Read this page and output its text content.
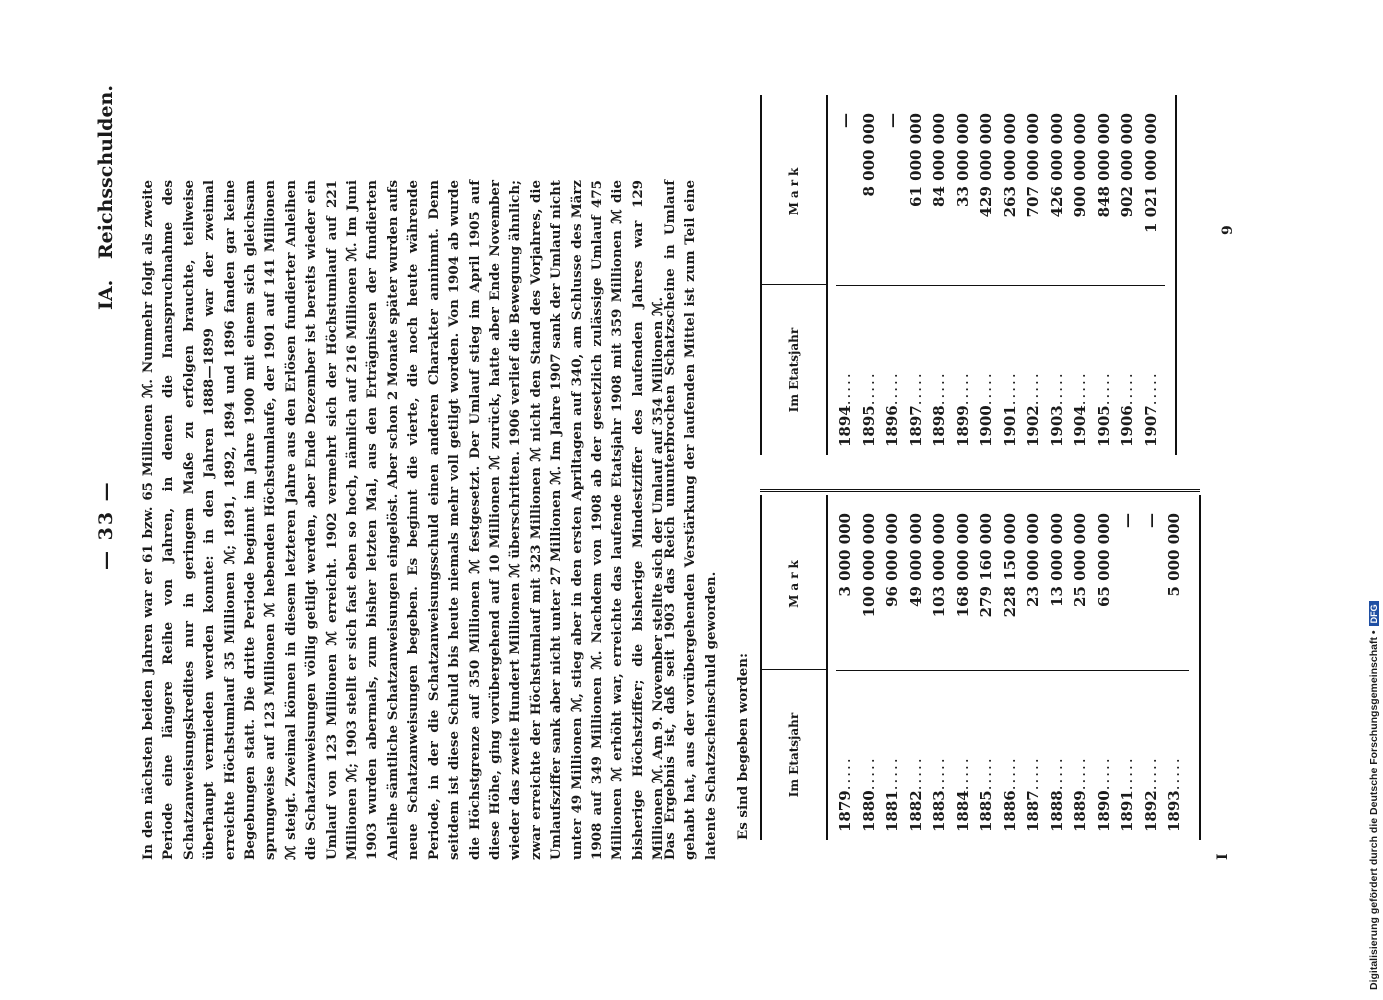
— 33 —
IA. Reichsschulden.
In den nächsten beiden Jahren war er 61 bzw. 65 Millionen ℳ. Nunmehr folgt als zweite Periode eine längere Reihe von Jahren, in denen die Inanspruchnahme des Schatzanweisungskredites nur in geringem Maße zu erfolgen brauchte, teilweise überhaupt vermieden werden konnte: in den Jahren 1888—1899 war der zweimal erreichte Höchstumlauf 35 Millionen ℳ; 1891, 1892, 1894 und 1896 fanden gar keine Begebungen statt. Die dritte Periode beginnt im Jahre 1900 mit einem sich gleichsam sprungweise auf 123 Millionen ℳ hebenden Höchstumlaufe, der 1901 auf 141 Millionen ℳ steigt. Zweimal können in diesem letzteren Jahre aus den Erlösen fundierter Anleihen die Schatzanweisungen völlig getilgt werden, aber Ende Dezember ist bereits wieder ein Umlauf von 123 Millionen ℳ erreicht. 1902 vermehrt sich der Höchstumlauf auf 221 Millionen ℳ; 1903 stellt er sich fast eben so hoch, nämlich auf 216 Millionen ℳ. Im Juni 1903 wurden abermals, zum bisher letzten Mal, aus den Erträgnissen der fundierten Anleihe sämtliche Schatzanweisungen eingelöst. Aber schon 2 Monate später wurden aufs neue Schatzanweisungen begeben. Es beginnt die vierte, die noch heute währende Periode, in der die Schatzanweisungsschuld einen anderen Charakter annimmt. Denn seitdem ist diese Schuld bis heute niemals mehr voll getilgt worden. Von 1904 ab wurde die Höchstgrenze auf 350 Millionen ℳ festgesetzt. Der Umlauf stieg im April 1905 auf diese Höhe, ging vorübergehend auf 10 Millionen ℳ zurück, hatte aber Ende November wieder das zweite Hundert Millionen ℳ überschritten. 1906 verlief die Bewegung ähnlich; zwar erreichte der Höchstumlauf mit 323 Millionen ℳ nicht den Stand des Vorjahres, die Umlaufsziffer sank aber nicht unter 27 Millionen ℳ. Im Jahre 1907 sank der Umlauf nicht unter 49 Millionen ℳ, stieg aber in den ersten Apriltagen auf 340, am Schlusse des März 1908 auf 349 Millionen ℳ. Nachdem von 1908 ab der gesetzlich zulässige Umlauf 475 Millionen ℳ erhöht war, erreichte das laufende Etatsjahr 1908 mit 359 Millionen ℳ die bisherige Höchstziffer; die bisherige Mindestziffer des laufenden Jahres war 129 Millionen ℳ. Am 9. November stellte sich der Umlauf auf 354 Millionen ℳ.
Das Ergebnis ist, daß seit 1903 das Reich ununterbrochen Schatzscheine in Umlauf gehabt hat, aus der vorübergehenden Verstärkung der laufenden Mittel ist zum Teil eine latente Schatzscheinschuld geworden. Es sind begeben worden:	Im Etatsjahr
Mark
1879.....
3 000 000
1880.....
100 000 000
1881.....
96 000 000
1882.....
49 000 000
1883.....
103 000 000
1884.....
168 000 000
1885.....
279 160 000
1886.....
228 150 000
1887.....
23 000 000
1888.....
13 000 000
1889.....
25 000 000
1890.....
65 000 000
1891.....
—
1892.....
—
1893.....
5 000 000
Im Etatsjahr
Mark
1894.....
—
1895.....
8 000 000
1896.....
—
1897.....
61 000 000
1898.....
84 000 000
1899.....
33 000 000
1900.....
429 000 000
1901.....
263 000 000
1902.....
707 000 000
1903.....
426 000 000
1904.....
900 000 000
1905.....
848 000 000
1906.....
902 000 000
1907.....
1 021 000 000
I
9
Digitalisierung gefördert durch die Deutsche Forschungsgemeinschaft •DFG
